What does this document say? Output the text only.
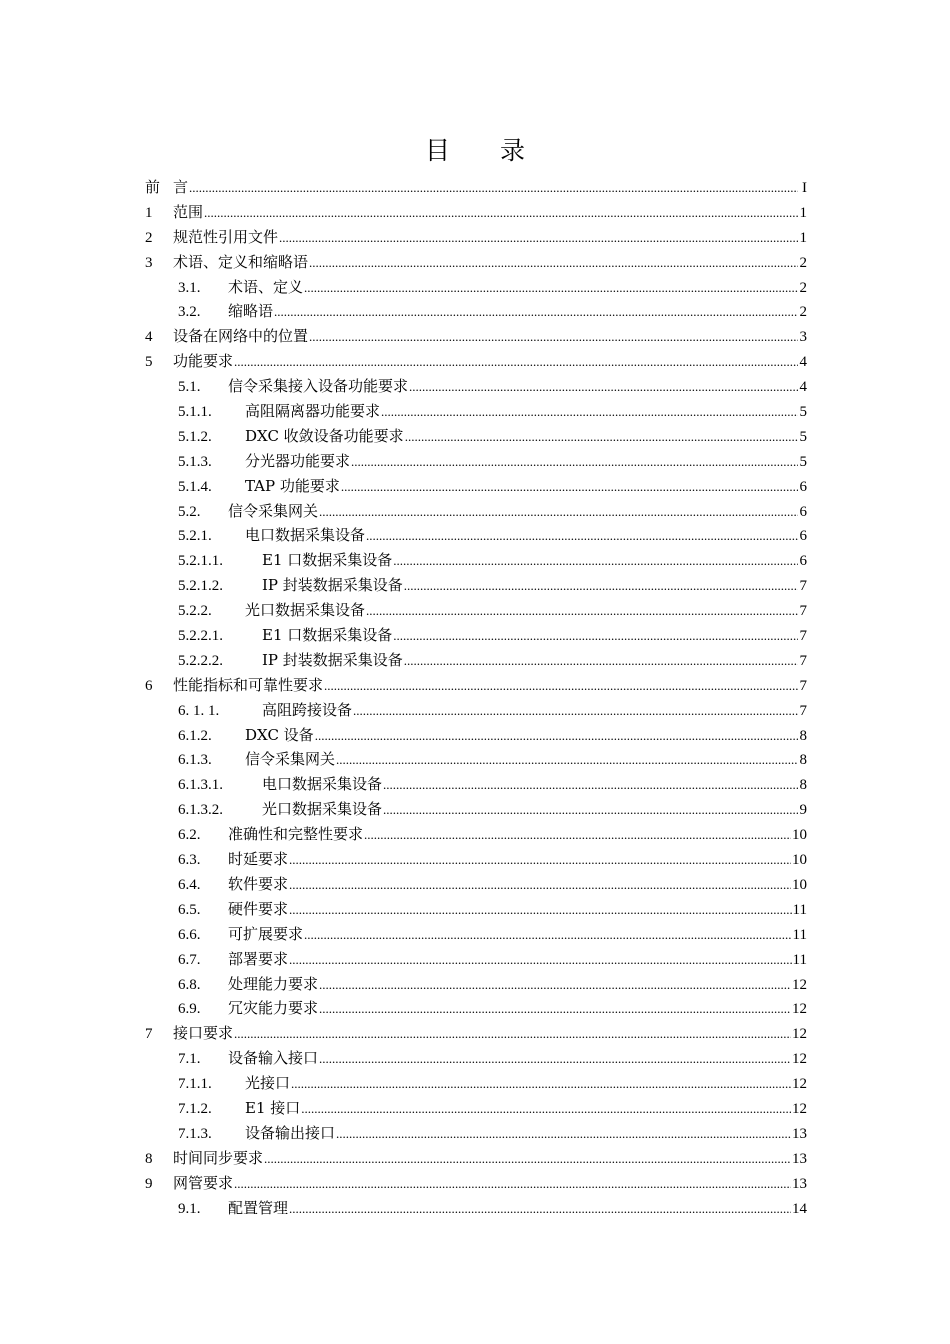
目 录
前 言 .....	I
1	范围 .....	1
2	规范性引用文件 .....	1
3	术语、定义和缩略语 .....	2
3.1.	术语、定义 .....	2
3.2.	缩略语 .....	2
4	设备在网络中的位置 .....	3
5	功能要求 .....	4
5.1.	信令采集接入设备功能要求 .....	4
5.1.1.	高阻隔离器功能要求 .....	5
5.1.2.	DXC 收敛设备功能要求 .....	5
5.1.3.	分光器功能要求 .....	5
5.1.4.	TAP 功能要求 .....	6
5.2.	信令采集网关 .....	6
5.2.1.	电口数据采集设备 .....	6
5.2.1.1.	E1 口数据采集设备 .....	6
5.2.1.2.	IP 封装数据采集设备 .....	7
5.2.2.	光口数据采集设备 .....	7
5.2.2.1.	E1 口数据采集设备 .....	7
5.2.2.2.	IP 封装数据采集设备 .....	7
6	性能指标和可靠性要求 .....	7
6. 1. 1.	高阻跨接设备 .....	7
6.1.2.	DXC 设备 .....	8
6.1.3.	信令采集网关 .....	8
6.1.3.1.	电口数据采集设备 .....	8
6.1.3.2.	光口数据采集设备 .....	9
6.2.	准确性和完整性要求 .....	10
6.3.	时延要求 .....	10
6.4.	软件要求 .....	10
6.5.	硬件要求 .....	11
6.6.	可扩展要求 .....	11
6.7.	部署要求 .....	11
6.8.	处理能力要求 .....	12
6.9.	冗灾能力要求 .....	12
7	接口要求 .....	12
7.1.	设备输入接口 .....	12
7.1.1.	光接口 .....	12
7.1.2.	E1 接口 .....	12
7.1.3.	设备输出接口 .....	13
8	时间同步要求 .....	13
9	网管要求 .....	13
9.1.	配置管理 .....	14
